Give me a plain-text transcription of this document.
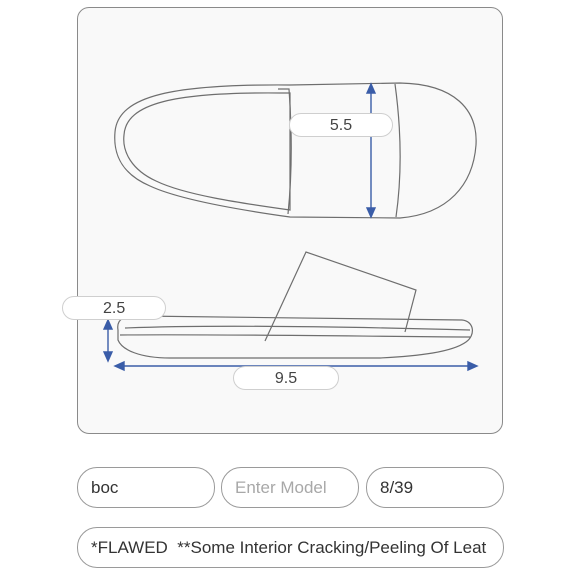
5.5
2.5
9.5
boc
Enter Model
8/39
*FLAWED **Some Interior Cracking/Peeling Of Leat
